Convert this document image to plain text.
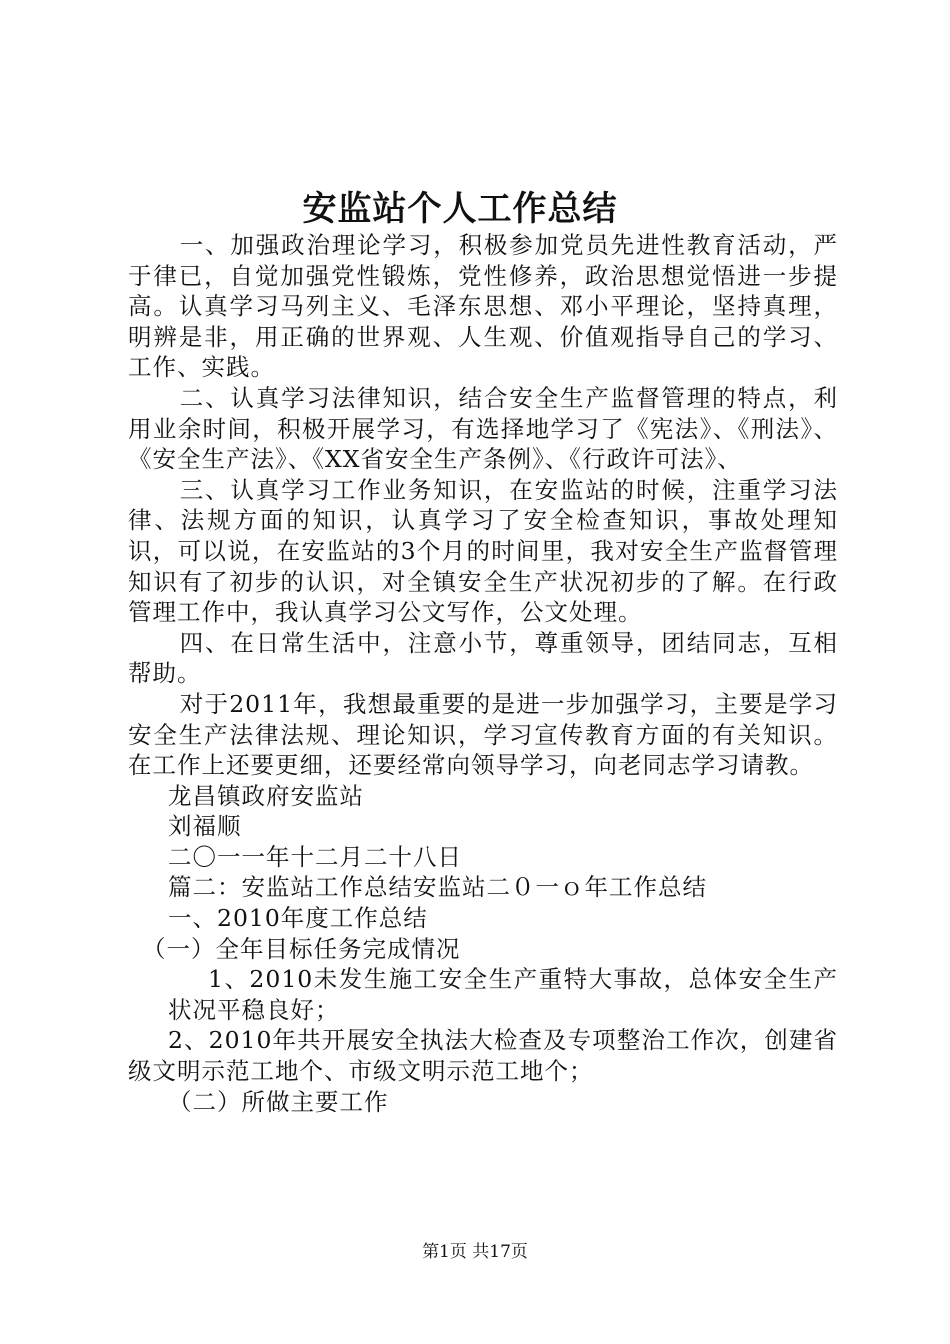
安监站个人工作总结

一、加强政治理论学习，积极参加党员先进性教育活动，严于律已，自觉加强党性锻炼，党性修养，政治思想觉悟进一步提高。认真学习马列主义、毛泽东思想、邓小平理论，坚持真理，明辨是非，用正确的世界观、人生观、价值观指导自己的学习、工作、实践。

二、认真学习法律知识，结合安全生产监督管理的特点，利用业余时间，积极开展学习，有选择地学习了《宪法》、《刑法》、《安全生产法》、《XX省安全生产条例》、《行政许可法》、

三、认真学习工作业务知识，在安监站的时候，注重学习法律、法规方面的知识，认真学习了安全检查知识，事故处理知识，可以说，在安监站的3个月的时间里，我对安全生产监督管理知识有了初步的认识，对全镇安全生产状况初步的了解。在行政管理工作中，我认真学习公文写作，公文处理。

四、在日常生活中，注意小节，尊重领导，团结同志，互相帮助。

对于2011年，我想最重要的是进一步加强学习，主要是学习安全生产法律法规、理论知识，学习宣传教育方面的有关知识。在工作上还要更细，还要经常向领导学习，向老同志学习请教。

龙昌镇政府安监站

刘福顺

二〇一一年十二月二十八日

篇二：安监站工作总结安监站二０一ｏ年工作总结

一、2010年度工作总结

（一）全年目标任务完成情况

1、2010未发生施工安全生产重特大事故，总体安全生产状况平稳良好；

2、2010年共开展安全执法大检查及专项整治工作次，创建省级文明示范工地个、市级文明示范工地个；

（二）所做主要工作

第1页 共17页
